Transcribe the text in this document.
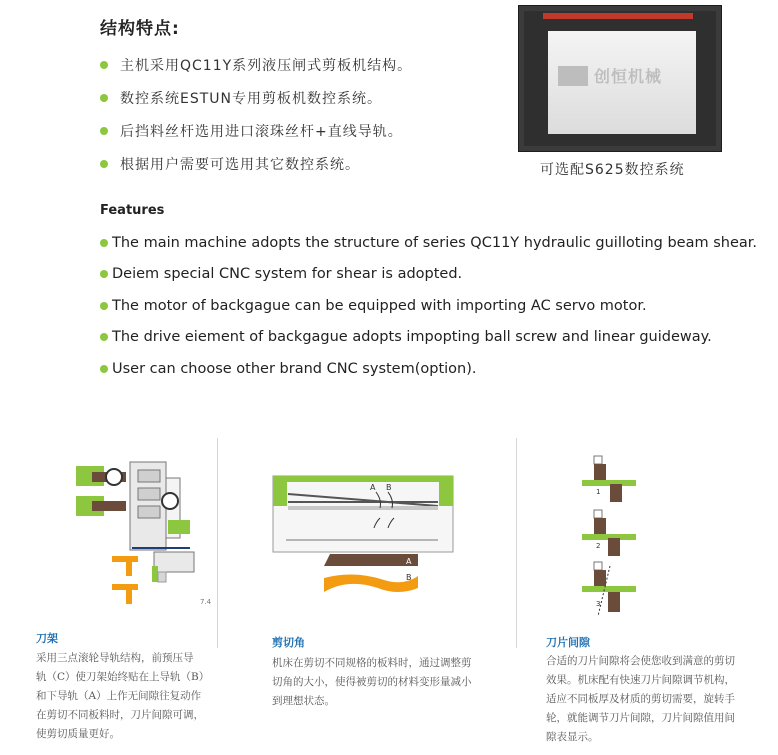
结构特点:
主机采用QC11Y系列液压闸式剪板机结构。
数控系统ESTUN专用剪板机数控系统。
后挡料丝杆选用进口滚珠丝杆+直线导轨。
根据用户需要可选用其它数控系统。
创恒机械
可选配S625数控系统
Features
The main machine adopts the structure of series QC11Y hydraulic guilloting beam shear.
Deiem special CNC system for shear is adopted.
The motor of backgague can be equipped with importing AC servo motor.
The drive eiement of backgague adopts impopting ball screw and linear guideway.
User can choose other brand CNC system(option).
7.4
刀架
采用三点滚轮导轨结构，前预压导
轨（C）使刀架始终贴在上导轨（B）
和下导轨（A）上作无间隙往复动作
在剪切不同板料时，刀片间隙可调，
使剪切质量更好。
A B
A
B
剪切角
机床在剪切不同规格的板料时，通过调整剪
切角的大小，使得被剪切的材料变形量减小
到理想状态。
1
2
3
刀片间隙
合适的刀片间隙将会使您收到满意的剪切
效果。机床配有快速刀片间隙调节机构，
适应不同板厚及材质的剪切需要，旋转手
轮，就能调节刀片间隙，刀片间隙值用间
隙表显示。
